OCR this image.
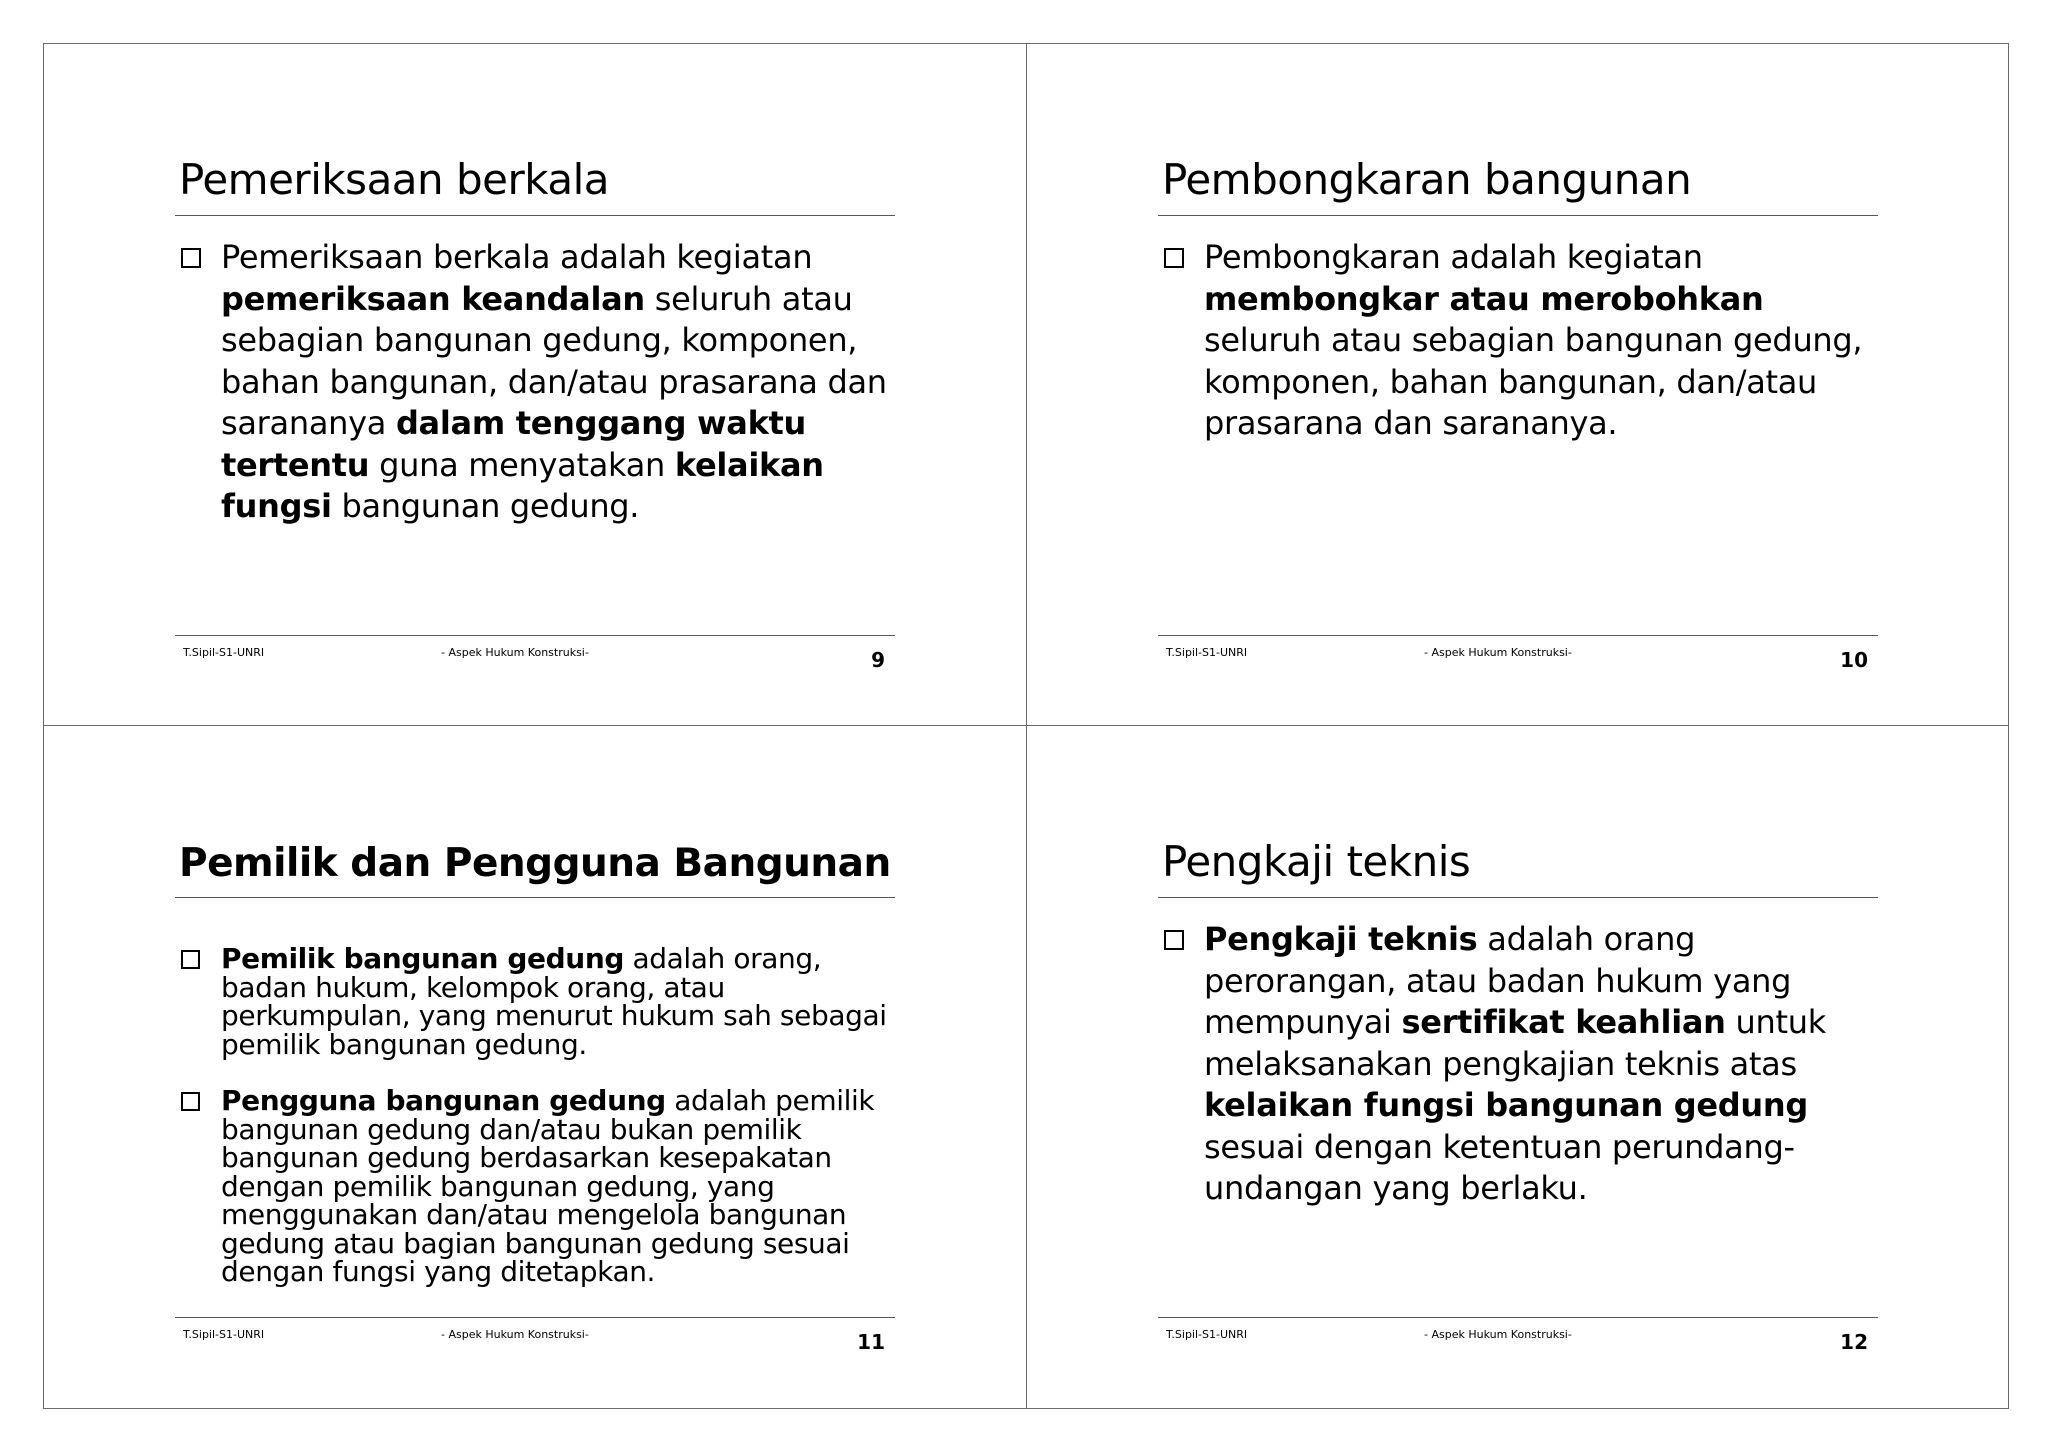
Pemeriksaan berkala
Pemeriksaan berkala adalah kegiatan pemeriksaan keandalan seluruh atau sebagian bangunan gedung, komponen, bahan bangunan, dan/atau prasarana dan sarananya dalam tenggang waktu tertentu guna menyatakan kelaikan fungsi bangunan gedung.
T.Sipil-S1-UNRI	- Aspek Hukum Konstruksi-	9
Pembongkaran bangunan
Pembongkaran adalah kegiatan membongkar atau merobohkan seluruh atau sebagian bangunan gedung, komponen, bahan bangunan, dan/atau prasarana dan sarananya.
T.Sipil-S1-UNRI	- Aspek Hukum Konstruksi-	10
Pemilik dan Pengguna Bangunan
Pemilik bangunan gedung adalah orang, badan hukum, kelompok orang, atau perkumpulan, yang menurut hukum sah sebagai pemilik bangunan gedung.
Pengguna bangunan gedung adalah pemilik bangunan gedung dan/atau bukan pemilik bangunan gedung berdasarkan kesepakatan dengan pemilik bangunan gedung, yang menggunakan dan/atau mengelola bangunan gedung atau bagian bangunan gedung sesuai dengan fungsi yang ditetapkan.
T.Sipil-S1-UNRI	- Aspek Hukum Konstruksi-	11
Pengkaji teknis
Pengkaji teknis adalah orang perorangan, atau badan hukum yang mempunyai sertifikat keahlian untuk melaksanakan pengkajian teknis atas kelaikan fungsi bangunan gedung sesuai dengan ketentuan perundang-undangan yang berlaku.
T.Sipil-S1-UNRI	- Aspek Hukum Konstruksi-	12
